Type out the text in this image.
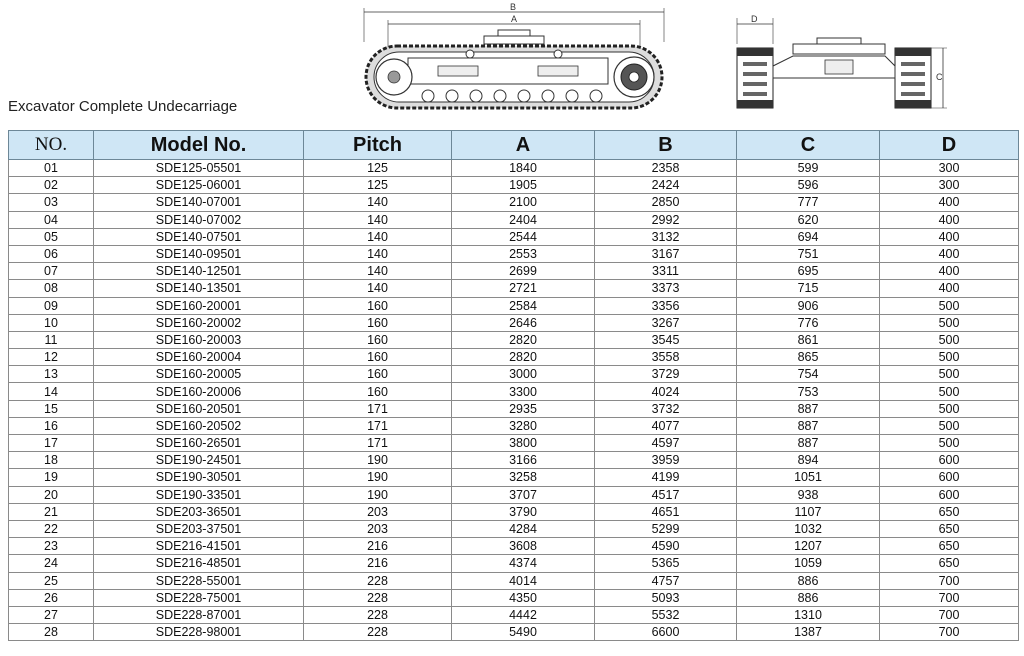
Excavator Complete Undecarriage
B
A	D
C
NO.	Model No.	Pitch	A	B	C	D
01	SDE125-05501	125	1840	2358	599	300
02	SDE125-06001	125	1905	2424	596	300
03	SDE140-07001	140	2100	2850	777	400
04	SDE140-07002	140	2404	2992	620	400
05	SDE140-07501	140	2544	3132	694	400
06	SDE140-09501	140	2553	3167	751	400
07	SDE140-12501	140	2699	3311	695	400
08	SDE140-13501	140	2721	3373	715	400
09	SDE160-20001	160	2584	3356	906	500
10	SDE160-20002	160	2646	3267	776	500
11	SDE160-20003	160	2820	3545	861	500
12	SDE160-20004	160	2820	3558	865	500
13	SDE160-20005	160	3000	3729	754	500
14	SDE160-20006	160	3300	4024	753	500
15	SDE160-20501	171	2935	3732	887	500
16	SDE160-20502	171	3280	4077	887	500
17	SDE160-26501	171	3800	4597	887	500
18	SDE190-24501	190	3166	3959	894	600
19	SDE190-30501	190	3258	4199	1051	600
20	SDE190-33501	190	3707	4517	938	600
21	SDE203-36501	203	3790	4651	1107	650
22	SDE203-37501	203	4284	5299	1032	650
23	SDE216-41501	216	3608	4590	1207	650
24	SDE216-48501	216	4374	5365	1059	650
25	SDE228-55001	228	4014	4757	886	700
26	SDE228-75001	228	4350	5093	886	700
27	SDE228-87001	228	4442	5532	1310	700
28	SDE228-98001	228	5490	6600	1387	700
